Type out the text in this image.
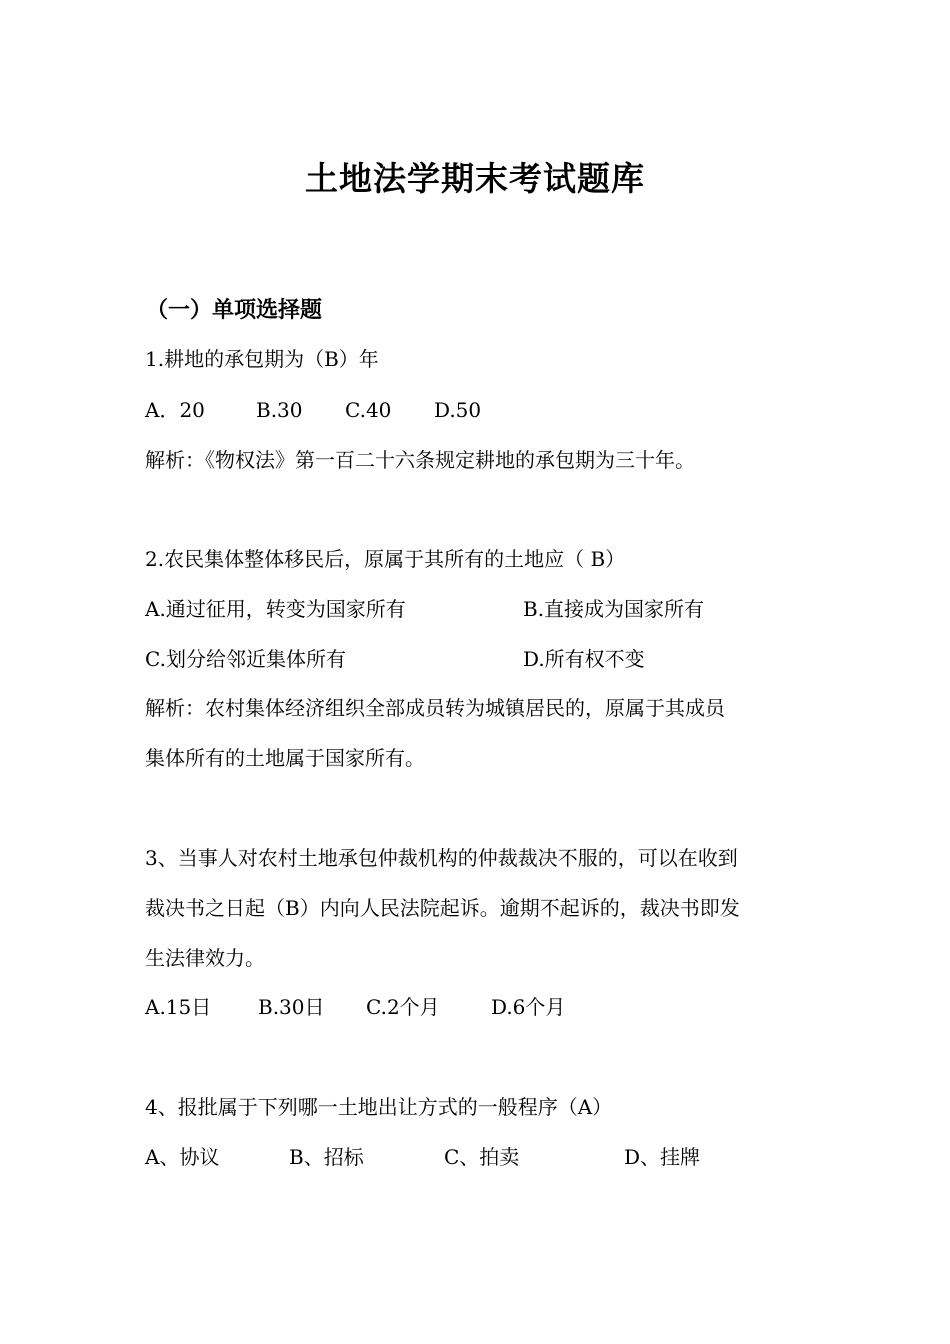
土地法学期末考试题库
（一）单项选择题
1.耕地的承包期为（B）年
A．20	B.30 C.40 D.50
解析：《物权法》第一百二十六条规定耕地的承包期为三十年。
2.农民集体整体移民后，原属于其所有的土地应（ B）
A.通过征用，转变为国家所有	B.直接成为国家所有
C.划分给邻近集体所有	D.所有权不变
解析：农村集体经济组织全部成员转为城镇居民的，原属于其成员
集体所有的土地属于国家所有。
3、当事人对农村土地承包仲裁机构的仲裁裁决不服的，可以在收到
裁决书之日起（B）内向人民法院起诉。逾期不起诉的，裁决书即发
生法律效力。
A.15日 B.30日 C.2个月	D.6个月
4、报批属于下列哪一土地出让方式的一般程序（A）
A、协议	B、招标	C、拍卖	D、挂牌
